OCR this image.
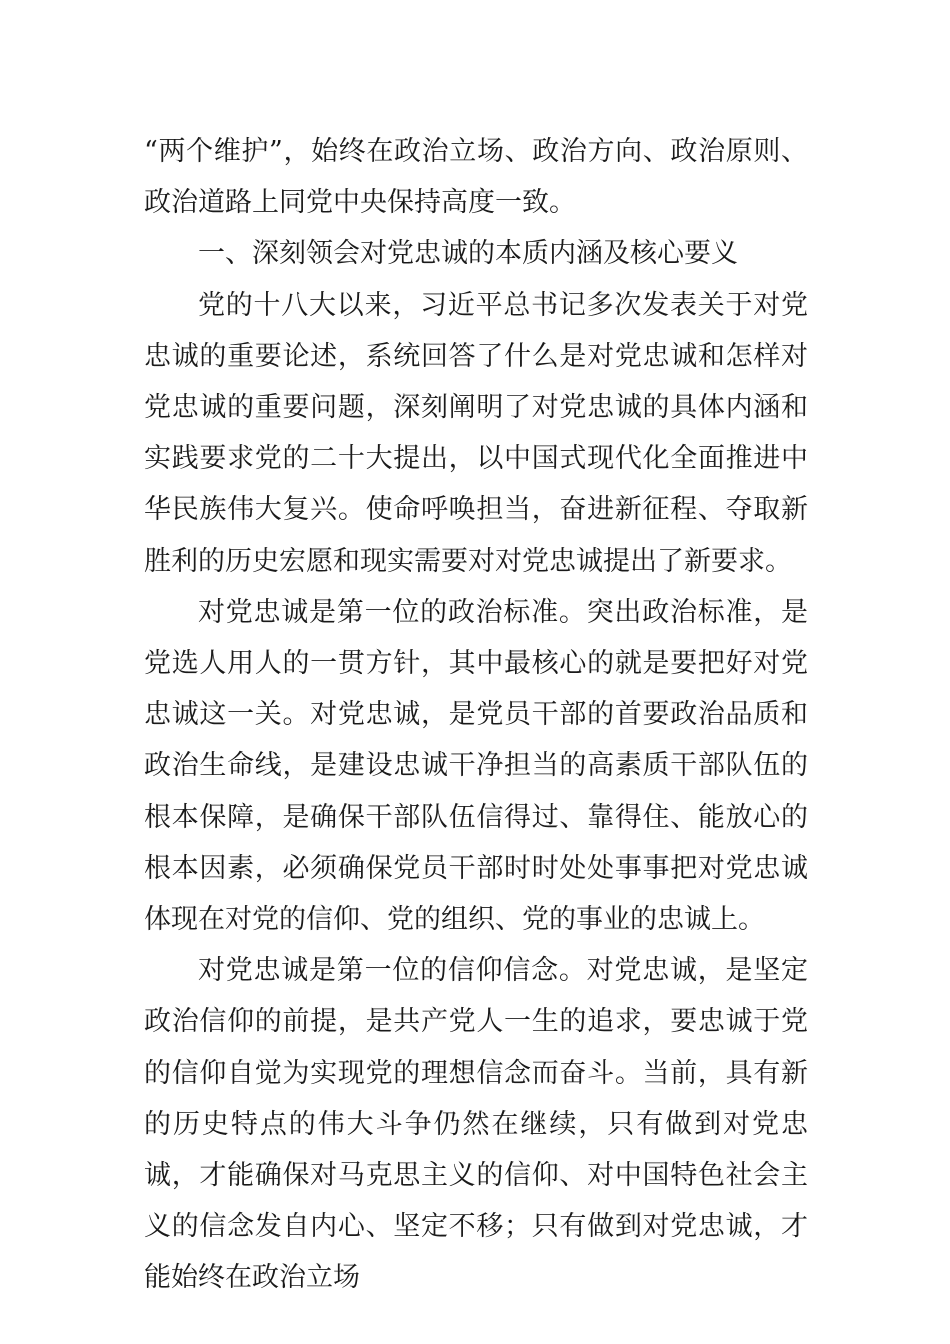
“两个维护”，始终在政治立场、政治方向、政治原则、政治道路上同党中央保持高度一致。

一、深刻领会对党忠诚的本质内涵及核心要义

党的十八大以来，习近平总书记多次发表关于对党忠诚的重要论述，系统回答了什么是对党忠诚和怎样对党忠诚的重要问题，深刻阐明了对党忠诚的具体内涵和实践要求党的二十大提出，以中国式现代化全面推进中华民族伟大复兴。使命呼唤担当，奋进新征程、夺取新胜利的历史宏愿和现实需要对对党忠诚提出了新要求。

对党忠诚是第一位的政治标准。突出政治标准，是党选人用人的一贯方针，其中最核心的就是要把好对党忠诚这一关。对党忠诚，是党员干部的首要政治品质和政治生命线，是建设忠诚干净担当的高素质干部队伍的根本保障，是确保干部队伍信得过、靠得住、能放心的根本因素，必须确保党员干部时时处处事事把对党忠诚体现在对党的信仰、党的组织、党的事业的忠诚上。

对党忠诚是第一位的信仰信念。对党忠诚，是坚定政治信仰的前提，是共产党人一生的追求，要忠诚于党的信仰自觉为实现党的理想信念而奋斗。当前，具有新的历史特点的伟大斗争仍然在继续，只有做到对党忠诚，才能确保对马克思主义的信仰、对中国特色社会主义的信念发自内心、坚定不移；只有做到对党忠诚，才能始终在政治立场
